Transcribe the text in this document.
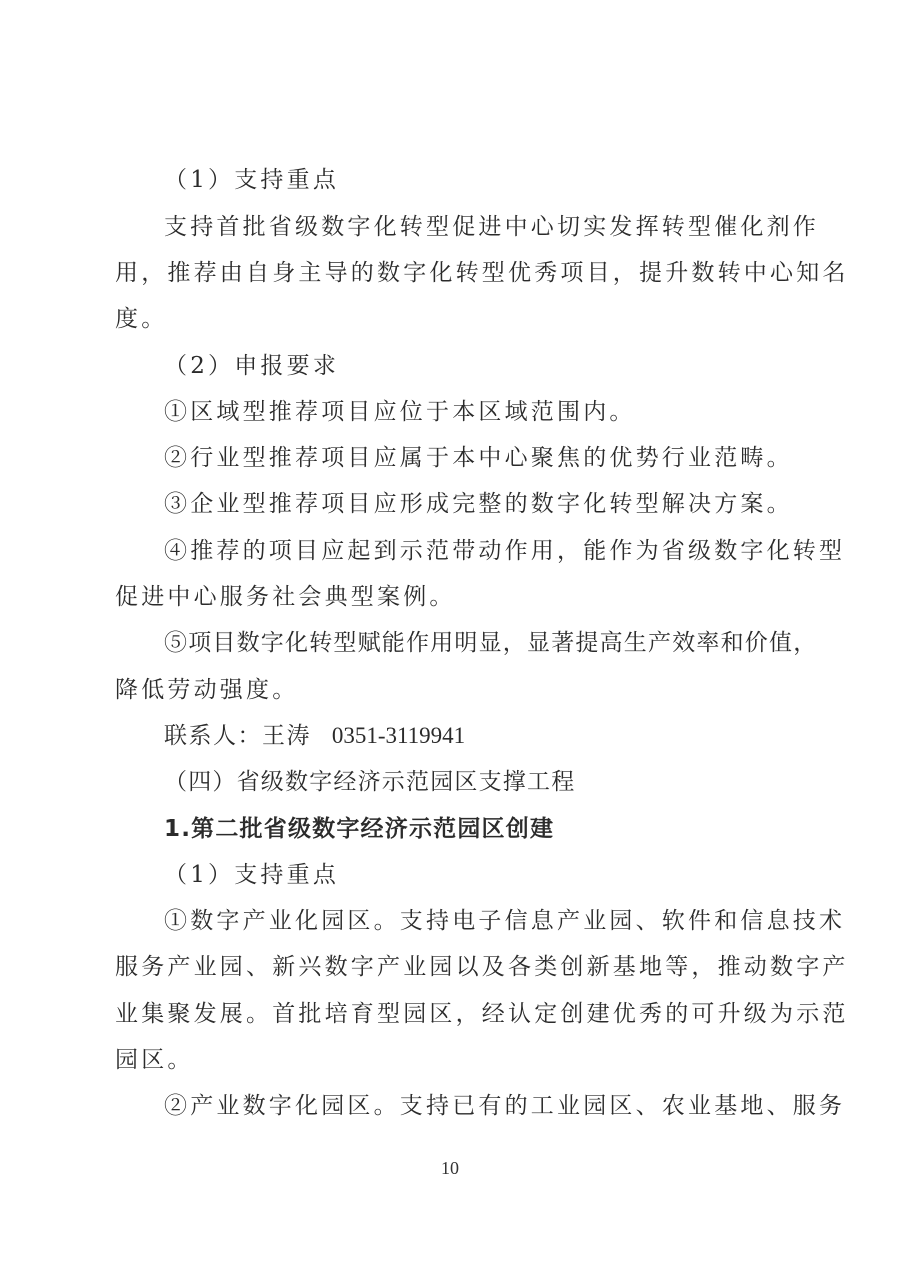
（1）支持重点
支持首批省级数字化转型促进中心切实发挥转型催化剂作
用，推荐由自身主导的数字化转型优秀项目，提升数转中心知名
度。
（2）申报要求
①区域型推荐项目应位于本区域范围内。
②行业型推荐项目应属于本中心聚焦的优势行业范畴。
③企业型推荐项目应形成完整的数字化转型解决方案。
④推荐的项目应起到示范带动作用，能作为省级数字化转型
促进中心服务社会典型案例。
⑤项目数字化转型赋能作用明显，显著提高生产效率和价值，
降低劳动强度。
联系人：王涛 0351-3119941
（四）省级数字经济示范园区支撑工程
1.第二批省级数字经济示范园区创建
（1）支持重点
①数字产业化园区。支持电子信息产业园、软件和信息技术
服务产业园、新兴数字产业园以及各类创新基地等，推动数字产
业集聚发展。首批培育型园区，经认定创建优秀的可升级为示范
园区。
②产业数字化园区。支持已有的工业园区、农业基地、服务
10
